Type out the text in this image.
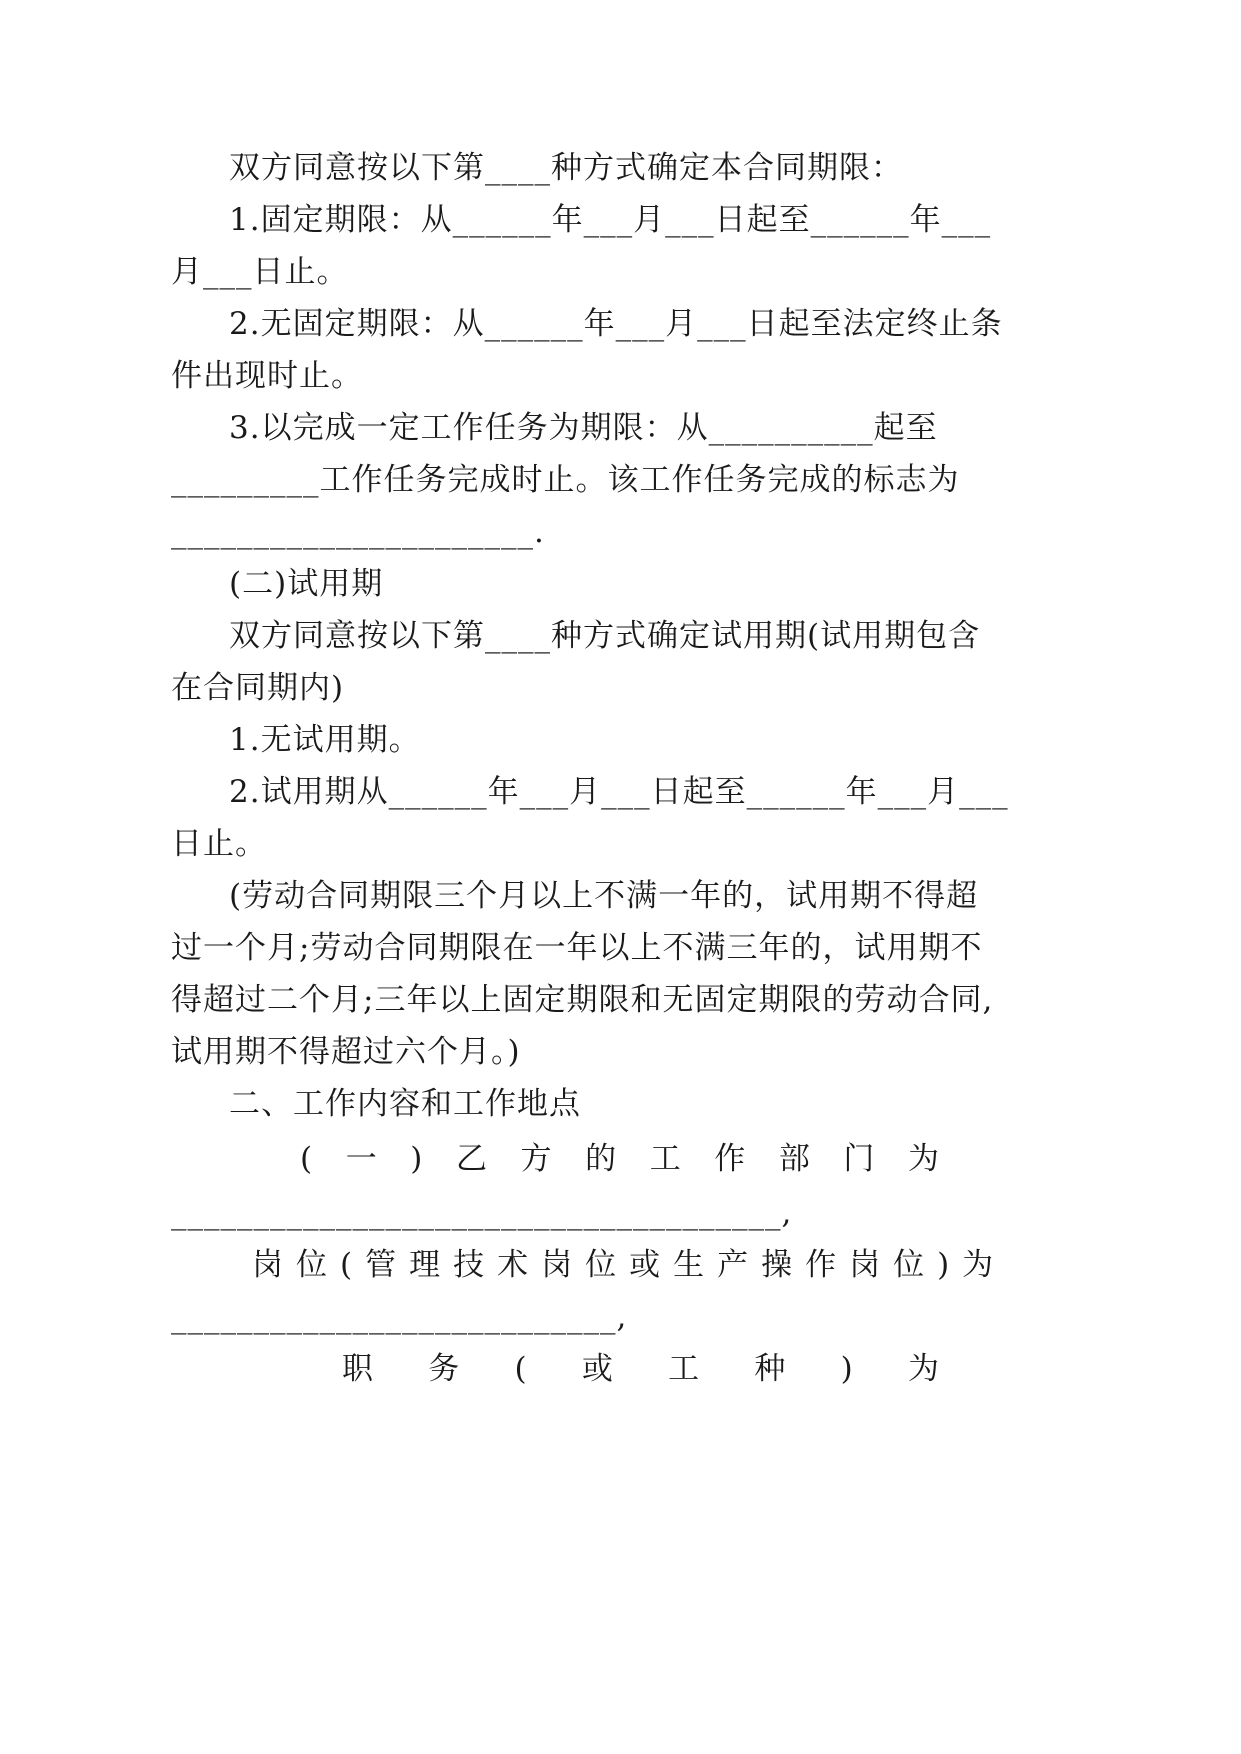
双方同意按以下第____种方式确定本合同期限：
1.固定期限：从______年___月___日起至______年___
月___日止。
2.无固定期限：从______年___月___日起至法定终止条
件出现时止。
3.以完成一定工作任务为期限：从__________起至
_________工作任务完成时止。该工作任务完成的标志为
______________________.
(二)试用期
双方同意按以下第____种方式确定试用期(试用期包含
在合同期内)
1.无试用期。
2.试用期从______年___月___日起至______年___月___
日止。
(劳动合同期限三个月以上不满一年的，试用期不得超
过一个月;劳动合同期限在一年以上不满三年的，试用期不
得超过二个月;三年以上固定期限和无固定期限的劳动合同,
试用期不得超过六个月。)
二、工作内容和工作地点
( 一 ) 乙 方 的 工 作 部 门 为
_____________________________________,
岗位(管理技术岗位或生产操作岗位)为
___________________________,
职 务 ( 或 工 种 ) 为
